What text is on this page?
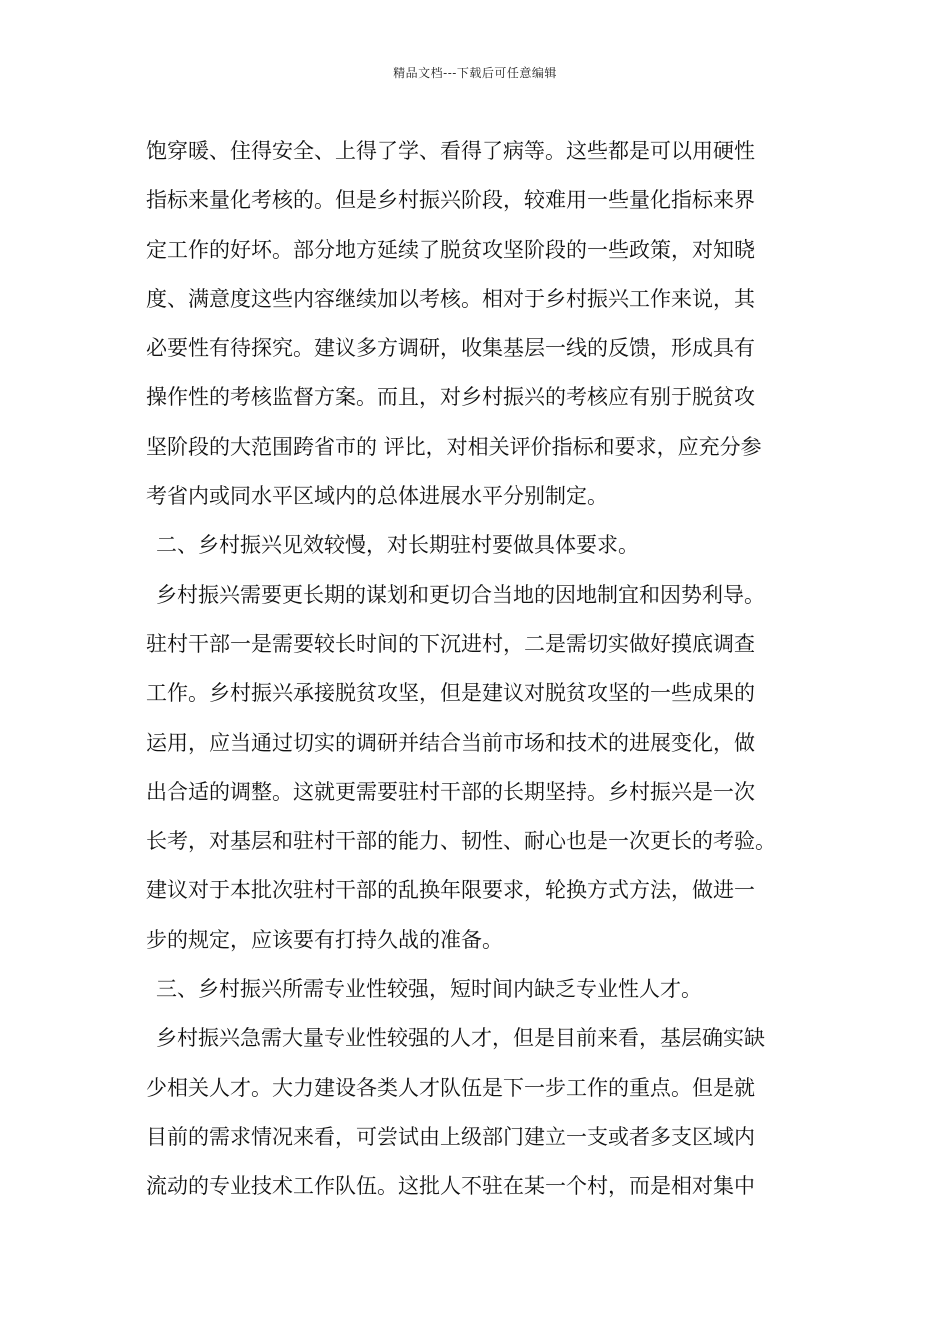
精品文档---下载后可任意编辑
饱穿暖、住得安全、上得了学、看得了病等。这些都是可以用硬性
指标来量化考核的。但是乡村振兴阶段，较难用一些量化指标来界
定工作的好坏。部分地方延续了脱贫攻坚阶段的一些政策，对知晓
度、满意度这些内容继续加以考核。相对于乡村振兴工作来说，其
必要性有待探究。建议多方调研，收集基层一线的反馈，形成具有
操作性的考核监督方案。而且，对乡村振兴的考核应有别于脱贫攻
坚阶段的大范围跨省市的 评比，对相关评价指标和要求，应充分参
考省内或同水平区域内的总体进展水平分别制定。
二、乡村振兴见效较慢，对长期驻村要做具体要求。
乡村振兴需要更长期的谋划和更切合当地的因地制宜和因势利导。
驻村干部一是需要较长时间的下沉进村，二是需切实做好摸底调查
工作。乡村振兴承接脱贫攻坚，但是建议对脱贫攻坚的一些成果的
运用，应当通过切实的调研并结合当前市场和技术的进展变化，做
出合适的调整。这就更需要驻村干部的长期坚持。乡村振兴是一次
长考，对基层和驻村干部的能力、韧性、耐心也是一次更长的考验。
建议对于本批次驻村干部的乱换年限要求，轮换方式方法，做进一
步的规定，应该要有打持久战的准备。
三、乡村振兴所需专业性较强，短时间内缺乏专业性人才。
乡村振兴急需大量专业性较强的人才，但是目前来看，基层确实缺
少相关人才。大力建设各类人才队伍是下一步工作的重点。但是就
目前的需求情况来看，可尝试由上级部门建立一支或者多支区域内
流动的专业技术工作队伍。这批人不驻在某一个村，而是相对集中
